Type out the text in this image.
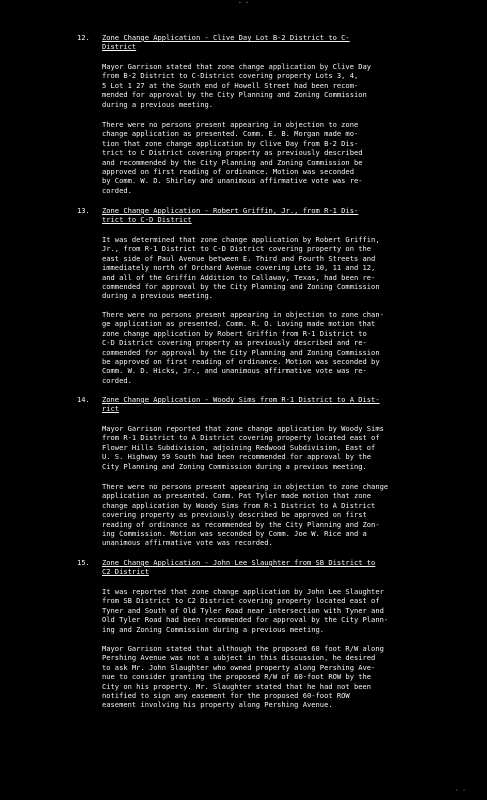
- -
12. Zone Change Application - Clive Day Lot B-2 District to C-
District

Mayor Garrison stated that zone change application by Clive Day
from B-2 District to C-District covering property Lots 3, 4,
5 Lot 1 27 at the South end of Howell Street had been recom-
mended for approval by the City Planning and Zoning Commission
during a previous meeting.

There were no persons present appearing in objection to zone
change application as presented. Comm. E. B. Morgan made mo-
tion that zone change application by Clive Day from B-2 Dis-
trict to C District covering property as previously described
and recommended by the City Planning and Zoning Commission be
approved on first reading of ordinance. Motion was seconded
by Comm. W. D. Shirley and unanimous affirmative vote was re-
corded.

13. Zone Change Application - Robert Griffin, Jr., from R-1 Dis-
trict to C-D District

It was determined that zone change application by Robert Griffin,
Jr., from R-1 District to C-D District covering property on the
east side of Paul Avenue between E. Third and Fourth Streets and
immediately north of Orchard Avenue covering Lots 10, 11 and 12,
and all of the Griffin Addition to Callaway, Texas, had been re-
commended for approval by the City Planning and Zoning Commission
during a previous meeting.

There were no persons present appearing in objection to zone chan-
ge application as presented. Comm. R. O. Loving made motion that
zone change application by Robert Griffin from R-1 District to
C-D District covering property as previously described and re-
commended for approval by the City Planning and Zoning Commission
be approved on first reading of ordinance. Motion was seconded by
Comm. W. D. Hicks, Jr., and unanimous affirmative vote was re-
corded.

14. Zone Change Application - Woody Sims from R-1 District to A Dist-
rict

Mayor Garrison reported that zone change application by Woody Sims
from R-1 District to A District covering property located east of
Flower Hills Subdivision, adjoining Redwood Subdivision, East of
U. S. Highway 59 South had been recommended for approval by the
City Planning and Zoning Commission during a previous meeting.

There were no persons present appearing in objection to zone change
application as presented. Comm. Pat Tyler made motion that zone
change application by Woody Sims from R-1 District to A District
covering property as previously described be approved on first
reading of ordinance as recommended by the City Planning and Zon-
ing Commission. Motion was seconded by Comm. Joe W. Rice and a
unanimous affirmative vote was recorded.

15. Zone Change Application - John Lee Slaughter from SB District to
C2 District

It was reported that zone change application by John Lee Slaughter
from SB District to C2 District covering property located east of
Tyner and South of Old Tyler Road near intersection with Tyner and
Old Tyler Road had been recommended for approval by the City Plann-
ing and Zoning Commission during a previous meeting.

Mayor Garrison stated that although the proposed 60 foot R/W along
Pershing Avenue was not a subject in this discussion, he desired
to ask Mr. John Slaughter who owned property along Pershing Ave-
nue to consider granting the proposed R/W of 60-foot ROW by the
City on his property. Mr. Slaughter stated that he had not been
notified to sign any easement for the proposed 60-foot ROW
easement involving his property along Pershing Avenue.

· ·
